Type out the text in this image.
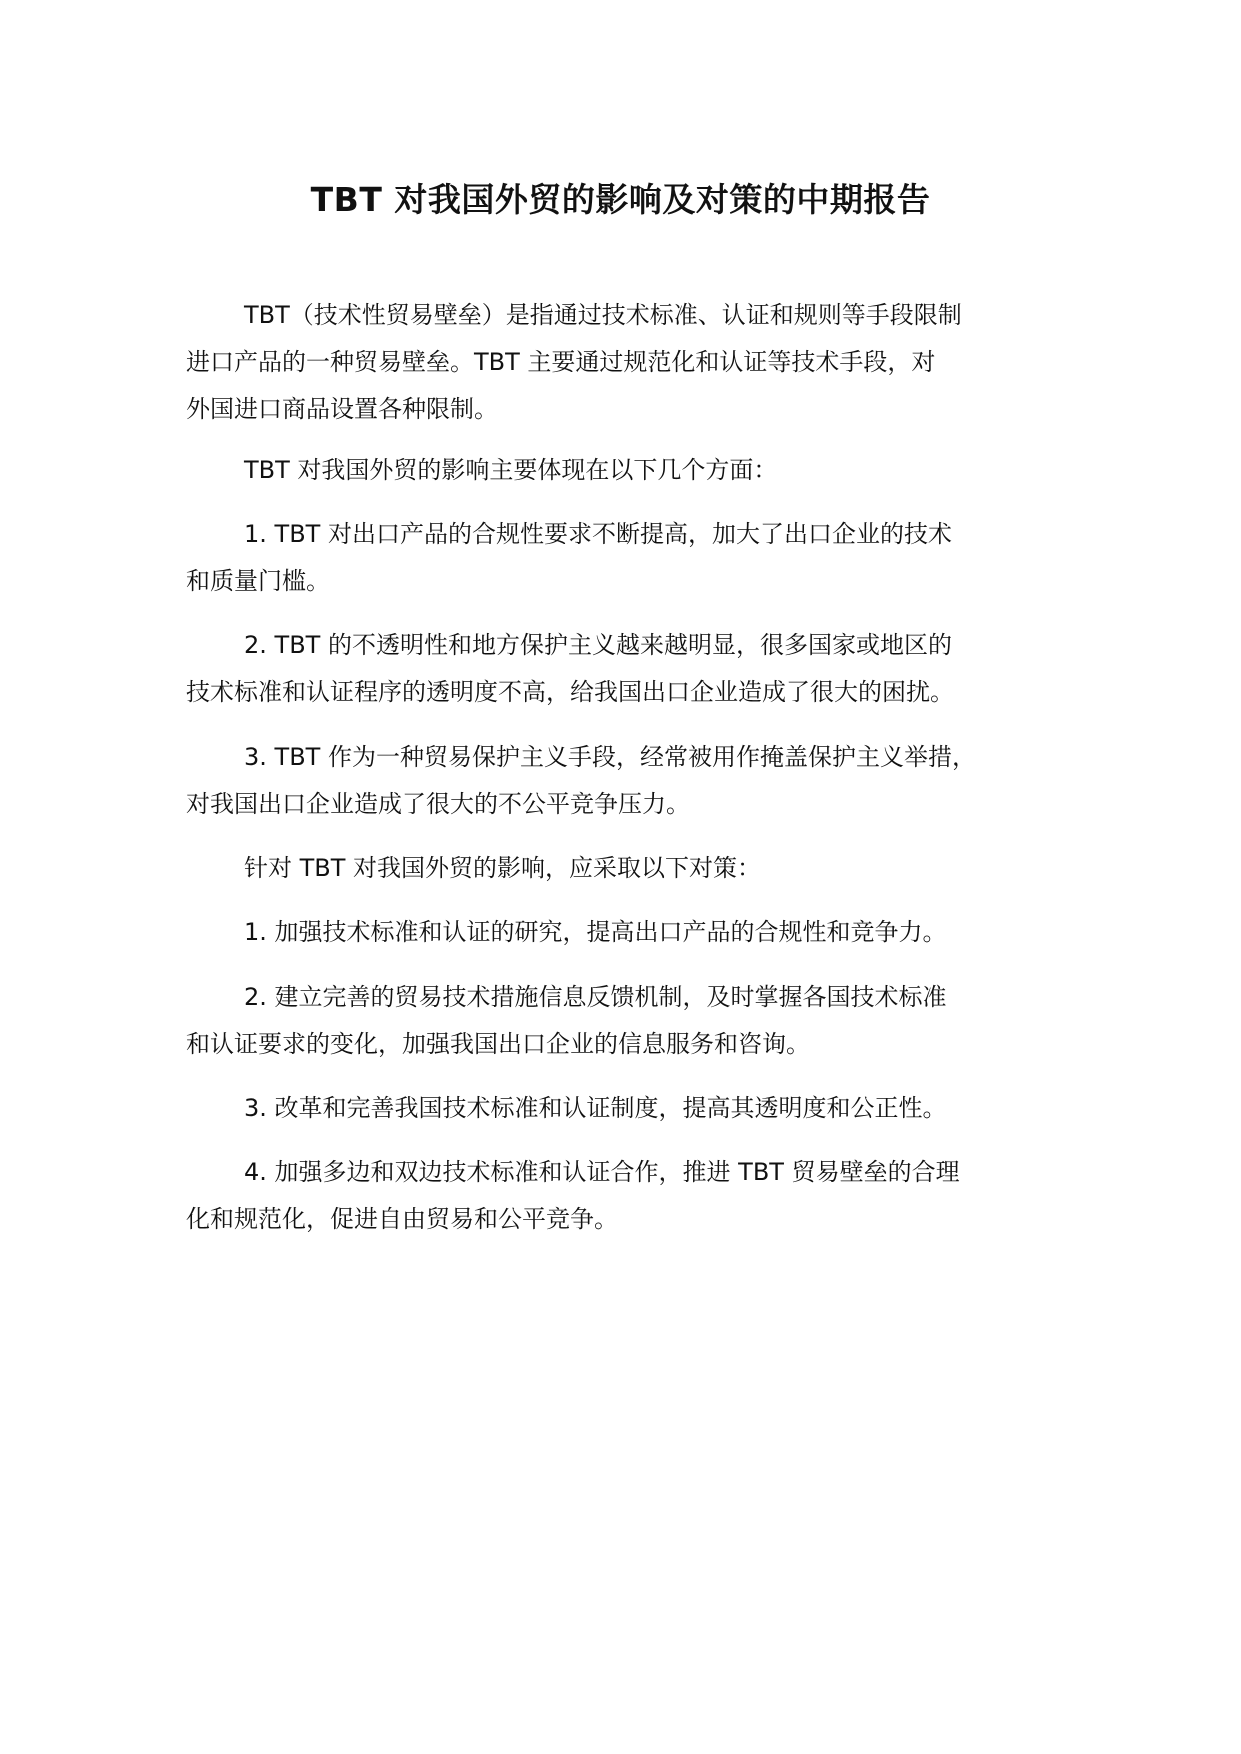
TBT 对我国外贸的影响及对策的中期报告

TBT（技术性贸易壁垒）是指通过技术标准、认证和规则等手段限制
进口产品的一种贸易壁垒。TBT 主要通过规范化和认证等技术手段，对
外国进口商品设置各种限制。

TBT 对我国外贸的影响主要体现在以下几个方面：

1. TBT 对出口产品的合规性要求不断提高，加大了出口企业的技术
和质量门槛。

2. TBT 的不透明性和地方保护主义越来越明显，很多国家或地区的
技术标准和认证程序的透明度不高，给我国出口企业造成了很大的困扰。

3. TBT 作为一种贸易保护主义手段，经常被用作掩盖保护主义举措，
对我国出口企业造成了很大的不公平竞争压力。

针对 TBT 对我国外贸的影响，应采取以下对策：

1. 加强技术标准和认证的研究，提高出口产品的合规性和竞争力。

2. 建立完善的贸易技术措施信息反馈机制，及时掌握各国技术标准
和认证要求的变化，加强我国出口企业的信息服务和咨询。

3. 改革和完善我国技术标准和认证制度，提高其透明度和公正性。

4. 加强多边和双边技术标准和认证合作，推进 TBT 贸易壁垒的合理
化和规范化，促进自由贸易和公平竞争。
